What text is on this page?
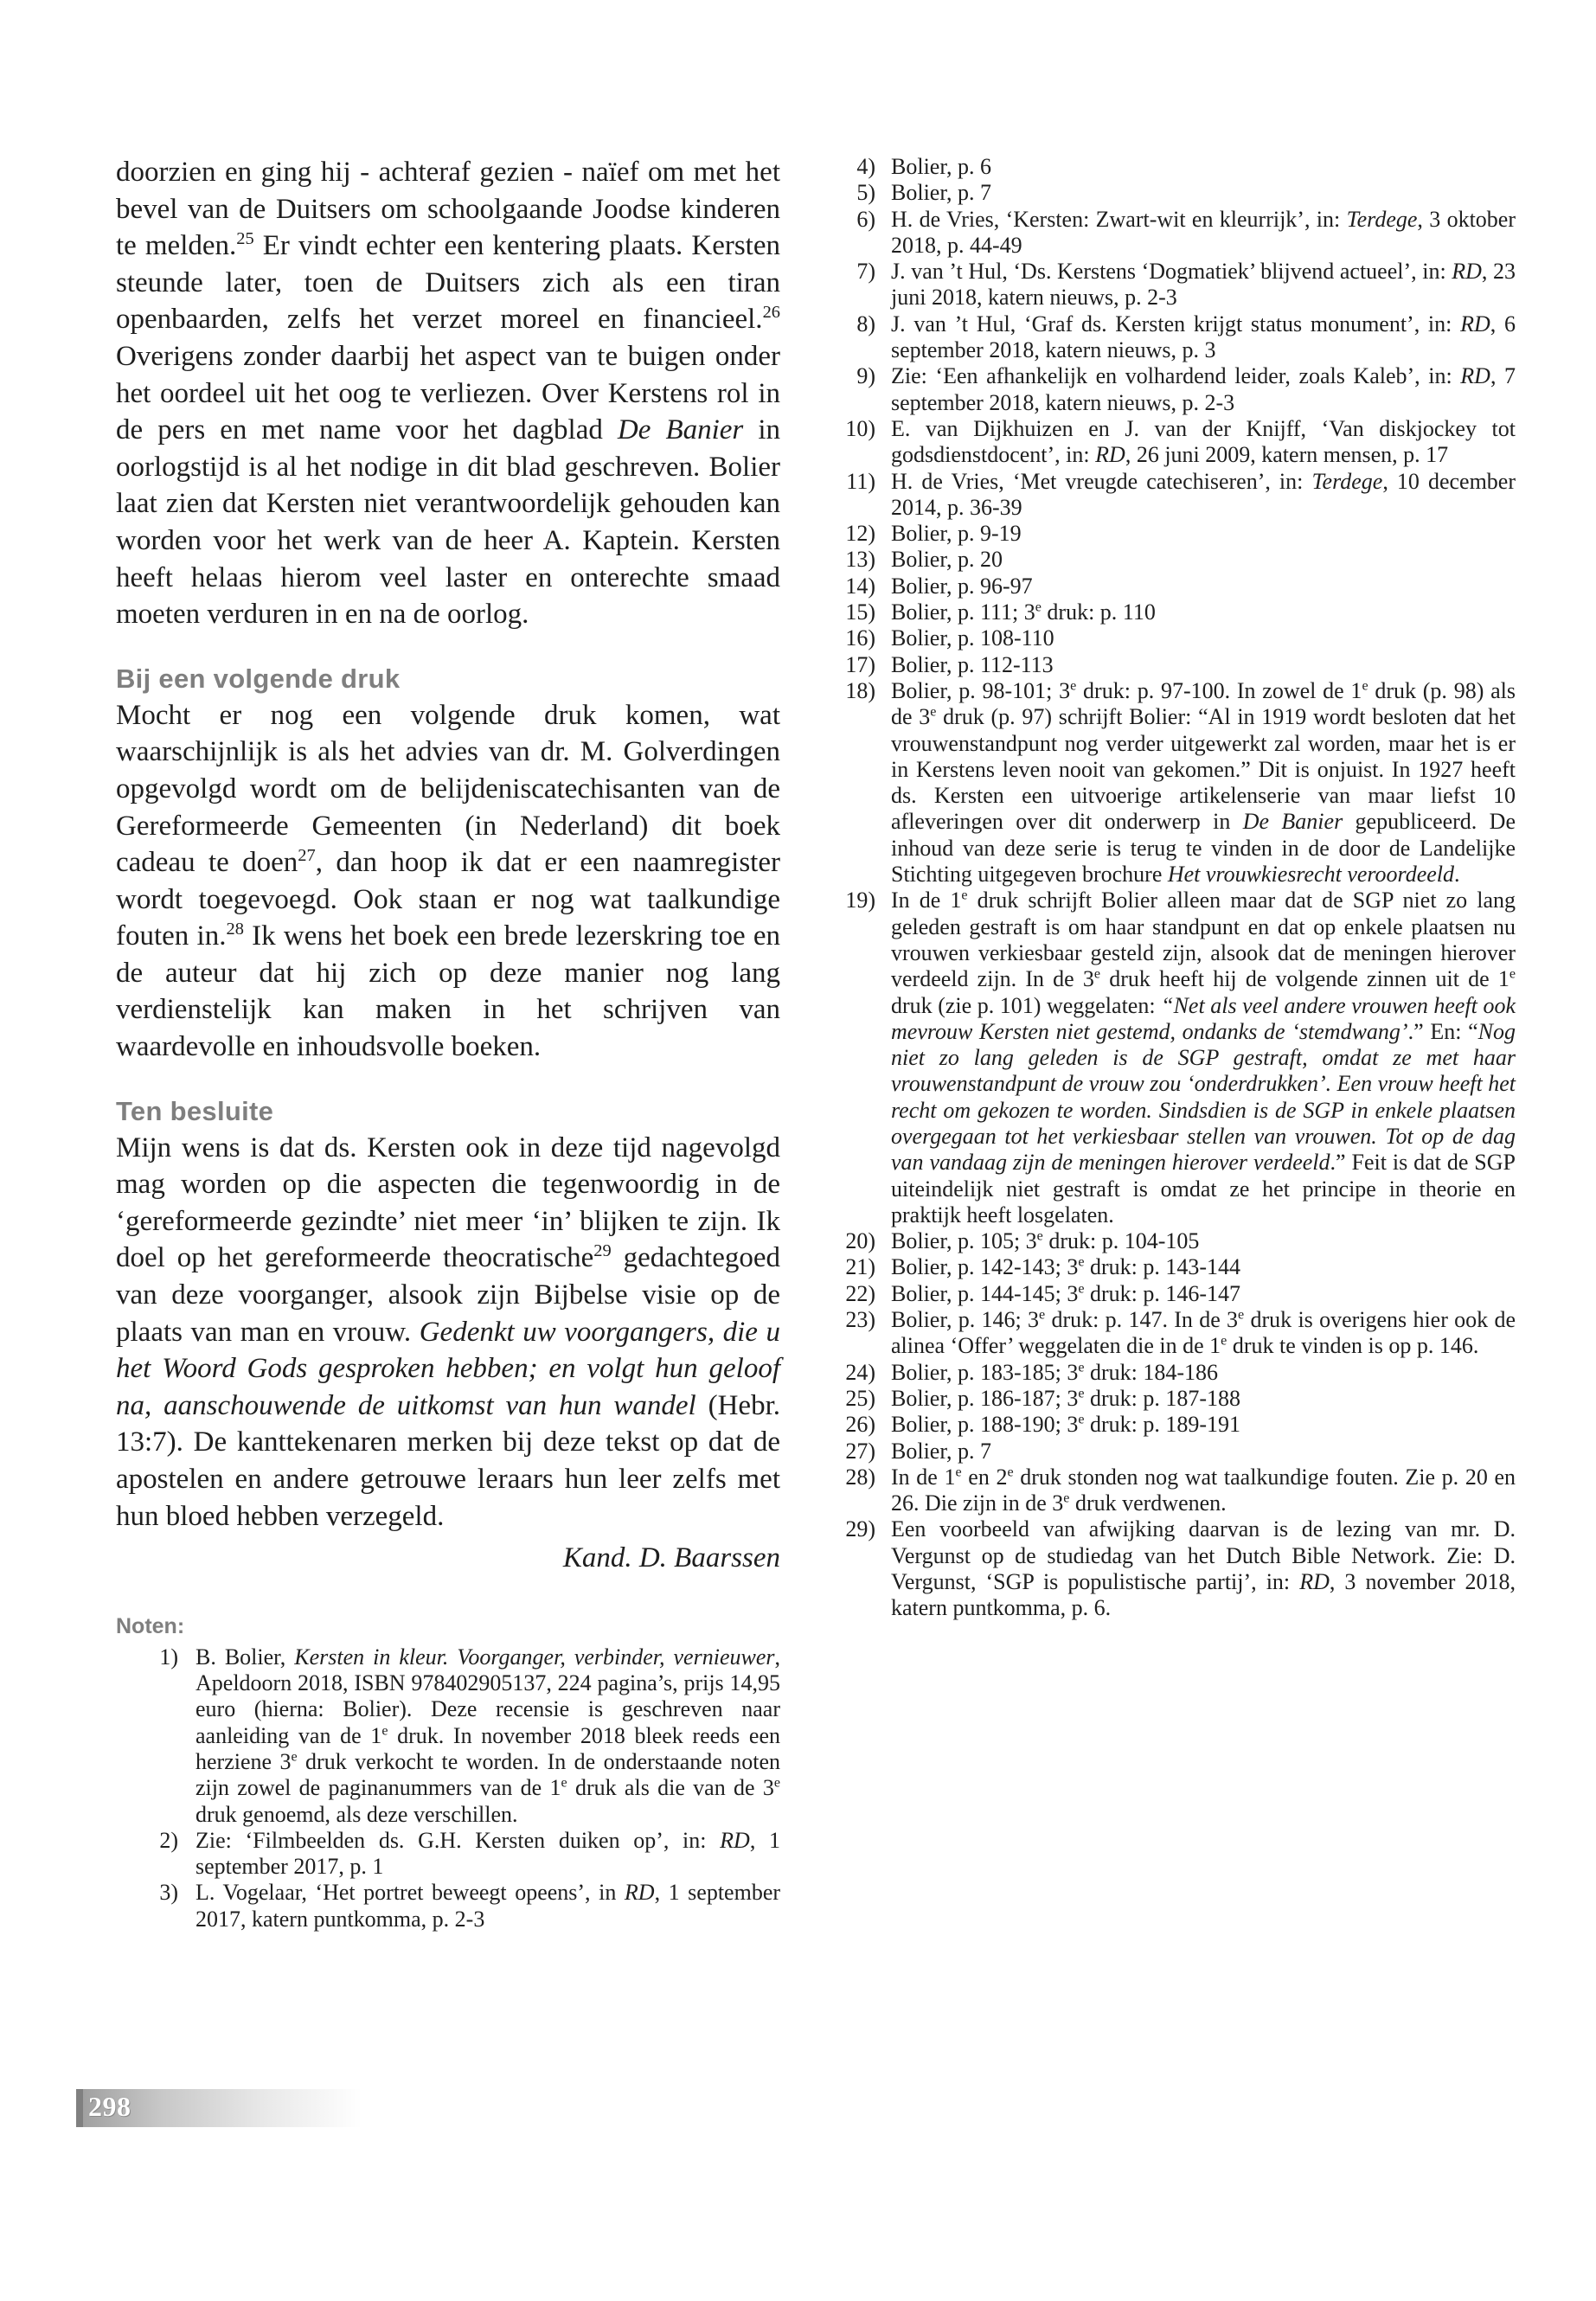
doorzien en ging hij - achteraf gezien - naïef om met het bevel van de Duitsers om schoolgaande Joodse kinderen te melden.$^{25}$ Er vindt echter een kentering plaats. Kersten steunde later, toen de Duitsers zich als een tiran openbaarden, zelfs het verzet moreel en financieel.$^{26}$ Overigens zonder daarbij het aspect van te buigen onder het oordeel uit het oog te verliezen. Over Kerstens rol in de pers en met name voor het dagblad De Banier in oorlogstijd is al het nodige in dit blad geschreven. Bolier laat zien dat Kersten niet verantwoordelijk gehouden kan worden voor het werk van de heer A. Kaptein. Kersten heeft helaas hierom veel laster en onterechte smaad moeten verduren in en na de oorlog.

Bij een volgende druk

Mocht er nog een volgende druk komen, wat waarschijnlijk is als het advies van dr. M. Golverdingen opgevolgd wordt om de belijdeniscatechisanten van de Gereformeerde Gemeenten (in Nederland) dit boek cadeau te doen$^{27}$, dan hoop ik dat er een naamregister wordt toegevoegd. Ook staan er nog wat taalkundige fouten in.$^{28}$ Ik wens het boek een brede lezerskring toe en de auteur dat hij zich op deze manier nog lang verdienstelijk kan maken in het schrijven van waardevolle en inhoudsvolle boeken.

Ten besluite

Mijn wens is dat ds. Kersten ook in deze tijd nagevolgd mag worden op die aspecten die tegenwoordig in de ‘gereformeerde gezindte’ niet meer ‘in’ blijken te zijn. Ik doel op het gereformeerde theocratische$^{29}$ gedachtegoed van deze voorganger, alsook zijn Bijbelse visie op de plaats van man en vrouw. Gedenkt uw voorgangers, die u het Woord Gods gesproken hebben; en volgt hun geloof na, aanschouwende de uitkomst van hun wandel (Hebr. 13:7). De kanttekenaren merken bij deze tekst op dat de apostelen en andere getrouwe leraars hun leer zelfs met hun bloed hebben verzegeld.

Kand. D. Baarssen
Noten:
1) B. Bolier, Kersten in kleur. Voorganger, verbinder, vernieuwer, Apeldoorn 2018, ISBN 978402905137, 224 pagina’s, prijs 14,95 euro (hierna: Bolier). Deze recensie is geschreven naar aanleiding van de 1e druk. In november 2018 bleek reeds een herziene 3e druk verkocht te worden. In de onderstaande noten zijn zowel de paginanummers van de 1e druk als die van de 3e druk genoemd, als deze verschillen.
2) Zie: ‘Filmbeelden ds. G.H. Kersten duiken op’, in: RD, 1 september 2017, p. 1
3) L. Vogelaar, ‘Het portret beweegt opeens’, in RD, 1 september 2017, katern puntkomma, p. 2-3
4) Bolier, p. 6
5) Bolier, p. 7
6) H. de Vries, ‘Kersten: Zwart-wit en kleurrijk’, in: Terdege, 3 oktober 2018, p. 44-49
7) J. van ’t Hul, ‘Ds. Kerstens ‘Dogmatiek’ blijvend actueel’, in: RD, 23 juni 2018, katern nieuws, p. 2-3
8) J. van ’t Hul, ‘Graf ds. Kersten krijgt status monument’, in: RD, 6 september 2018, katern nieuws, p. 3
9) Zie: ‘Een afhankelijk en volhardend leider, zoals Kaleb’, in: RD, 7 september 2018, katern nieuws, p. 2-3
10) E. van Dijkhuizen en J. van der Knijff, ‘Van diskjockey tot godsdienstdocent’, in: RD, 26 juni 2009, katern mensen, p. 17
11) H. de Vries, ‘Met vreugde catechiseren’, in: Terdege, 10 december 2014, p. 36-39
12) Bolier, p. 9-19
13) Bolier, p. 20
14) Bolier, p. 96-97
15) Bolier, p. 111; 3e druk: p. 110
16) Bolier, p. 108-110
17) Bolier, p. 112-113
18) Bolier, p. 98-101; 3e druk: p. 97-100. In zowel de 1e druk (p. 98) als de 3e druk (p. 97) schrijft Bolier: “Al in 1919 wordt besloten dat het vrouwenstandpunt nog verder uitgewerkt zal worden, maar het is er in Kerstens leven nooit van gekomen.” Dit is onjuist. In 1927 heeft ds. Kersten een uitvoerige artikelenserie van maar liefst 10 afleveringen over dit onderwerp in De Banier gepubliceerd. De inhoud van deze serie is terug te vinden in de door de Landelijke Stichting uitgegeven brochure Het vrouwkiesrecht veroordeeld.
19) In de 1e druk schrijft Bolier alleen maar dat de SGP niet zo lang geleden gestraft is om haar standpunt en dat op enkele plaatsen nu vrouwen verkiesbaar gesteld zijn, alsook dat de meningen hierover verdeeld zijn. In de 3e druk heeft hij de volgende zinnen uit de 1e druk (zie p. 101) weggelaten: “Net als veel andere vrouwen heeft ook mevrouw Kersten niet gestemd, ondanks de ‘stemdwang’.” En: “Nog niet zo lang geleden is de SGP gestraft, omdat ze met haar vrouwenstandpunt de vrouw zou ‘onderdrukken’. Een vrouw heeft het recht om gekozen te worden. Sindsdien is de SGP in enkele plaatsen overgegaan tot het verkiesbaar stellen van vrouwen. Tot op de dag van vandaag zijn de meningen hierover verdeeld.” Feit is dat de SGP uiteindelijk niet gestraft is omdat ze het principe in theorie en praktijk heeft losgelaten.
20) Bolier, p. 105; 3e druk: p. 104-105
21) Bolier, p. 142-143; 3e druk: p. 143-144
22) Bolier, p. 144-145; 3e druk: p. 146-147
23) Bolier, p. 146; 3e druk: p. 147. In de 3e druk is overigens hier ook de alinea ‘Offer’ weggelaten die in de 1e druk te vinden is op p. 146.
24) Bolier, p. 183-185; 3e druk: 184-186
25) Bolier, p. 186-187; 3e druk: p. 187-188
26) Bolier, p. 188-190; 3e druk: p. 189-191
27) Bolier, p. 7
28) In de 1e en 2e druk stonden nog wat taalkundige fouten. Zie p. 20 en 26. Die zijn in de 3e druk verdwenen.
29) Een voorbeeld van afwijking daarvan is de lezing van mr. D. Vergunst op de studiedag van het Dutch Bible Network. Zie: D. Vergunst, ‘SGP is populistische partij’, in: RD, 3 november 2018, katern puntkomma, p. 6.
298
